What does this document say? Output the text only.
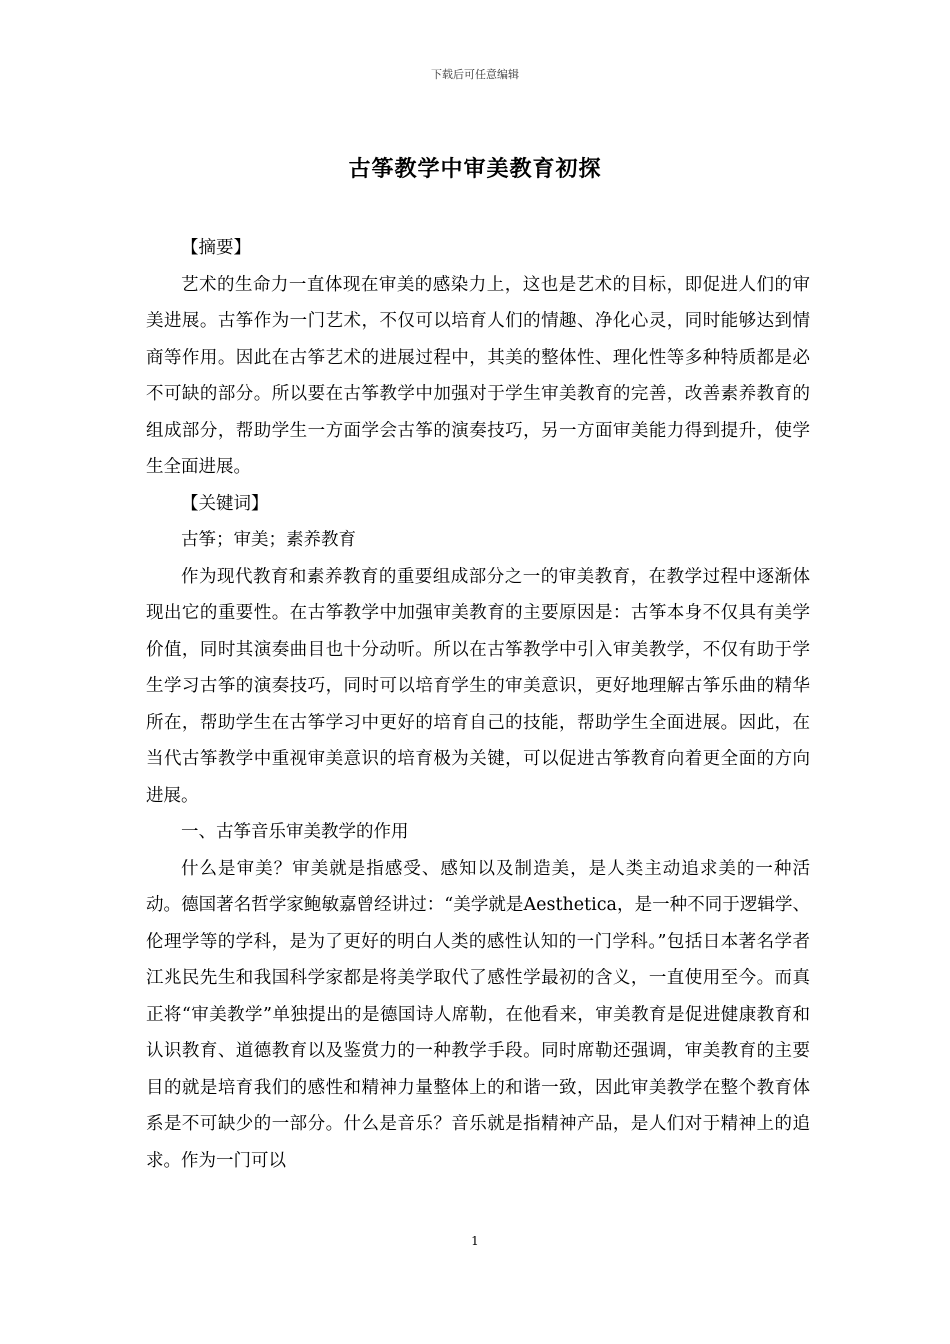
下载后可任意编辑
古筝教学中审美教育初探

【摘要】

艺术的生命力一直体现在审美的感染力上，这也是艺术的目标，即促进人们的审美进展。古筝作为一门艺术，不仅可以培育人们的情趣、净化心灵，同时能够达到情商等作用。因此在古筝艺术的进展过程中，其美的整体性、理化性等多种特质都是必不可缺的部分。所以要在古筝教学中加强对于学生审美教育的完善，改善素养教育的组成部分，帮助学生一方面学会古筝的演奏技巧，另一方面审美能力得到提升，使学生全面进展。

【关键词】

古筝；审美；素养教育

作为现代教育和素养教育的重要组成部分之一的审美教育，在教学过程中逐渐体现出它的重要性。在古筝教学中加强审美教育的主要原因是：古筝本身不仅具有美学价值，同时其演奏曲目也十分动听。所以在古筝教学中引入审美教学，不仅有助于学生学习古筝的演奏技巧，同时可以培育学生的审美意识，更好地理解古筝乐曲的精华所在，帮助学生在古筝学习中更好的培育自己的技能，帮助学生全面进展。因此，在当代古筝教学中重视审美意识的培育极为关键，可以促进古筝教育向着更全面的方向进展。

一、古筝音乐审美教学的作用

什么是审美？审美就是指感受、感知以及制造美，是人类主动追求美的一种活动。德国著名哲学家鲍敏嘉曾经讲过：“美学就是Aesthetica，是一种不同于逻辑学、伦理学等的学科，是为了更好的明白人类的感性认知的一门学科。”包括日本著名学者江兆民先生和我国科学家都是将美学取代了感性学最初的含义，一直使用至今。而真正将“审美教学”单独提出的是德国诗人席勒，在他看来，审美教育是促进健康教育和认识教育、道德教育以及鉴赏力的一种教学手段。同时席勒还强调，审美教育的主要目的就是培育我们的感性和精神力量整体上的和谐一致，因此审美教学在整个教育体系是不可缺少的一部分。什么是音乐？音乐就是指精神产品，是人们对于精神上的追求。作为一门可以

1
